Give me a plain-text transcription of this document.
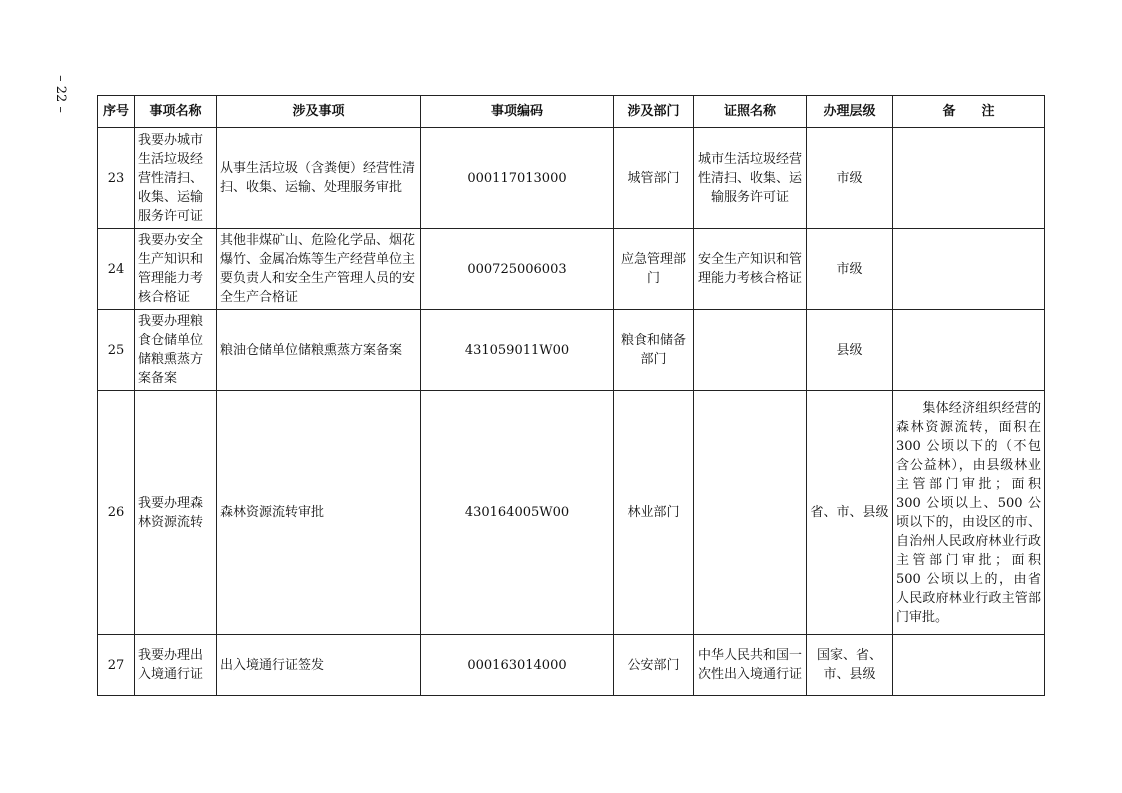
– 22 –	序号	事项名称	涉及事项	事项编码	涉及部门	证照名称	办理层级	备　　注
23	我要办城市生活垃圾经营性清扫、收集、运输服务许可证	从事生活垃圾（含粪便）经营性清扫、收集、运输、处理服务审批	000117013000	城管部门	城市生活垃圾经营性清扫、收集、运输服务许可证	市级	
24	我要办安全生产知识和管理能力考核合格证	其他非煤矿山、危险化学品、烟花爆竹、金属冶炼等生产经营单位主要负责人和安全生产管理人员的安全生产合格证	000725006003	应急管理部门	安全生产知识和管理能力考核合格证	市级	
25	我要办理粮食仓储单位储粮熏蒸方案备案	粮油仓储单位储粮熏蒸方案备案	431059011W00	粮食和储备部门		县级	
26	我要办理森林资源流转	森林资源流转审批	430164005W00	林业部门		省、市、县级	　　集体经济组织经营的森林资源流转，面积在 300 公顷以下的（不包含公益林），由县级林业主管部门审批；面积 300 公顷以上、500 公顷以下的，由设区的市、自治州人民政府林业行政主管部门审批；面积 500 公顷以上的，由省人民政府林业行政主管部门审批。
27	我要办理出入境通行证	出入境通行证签发	000163014000	公安部门	中华人民共和国一次性出入境通行证	国家、省、市、县级	
